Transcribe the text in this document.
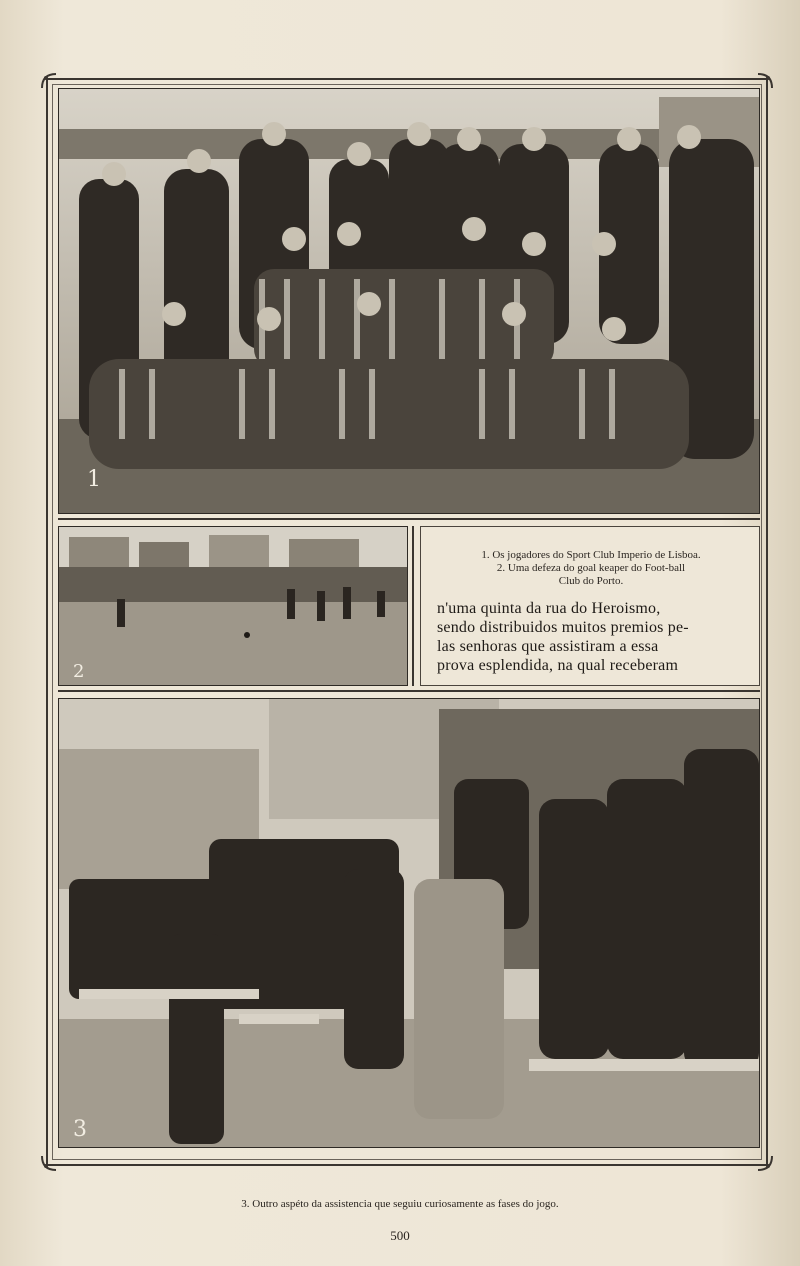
1
2
1. Os jogadores do Sport Club Imperio de Lisboa.
2. Uma defeza do goal keaper do Foot-ball
Club do Porto.
n'uma quinta da rua do Heroismo,
sendo distribuidos muitos premios pe-
las senhoras que assistiram a essa
prova esplendida, na qual receberam
3
3. Outro aspéto da assistencia que seguiu curiosamente as fases do jogo.
500
